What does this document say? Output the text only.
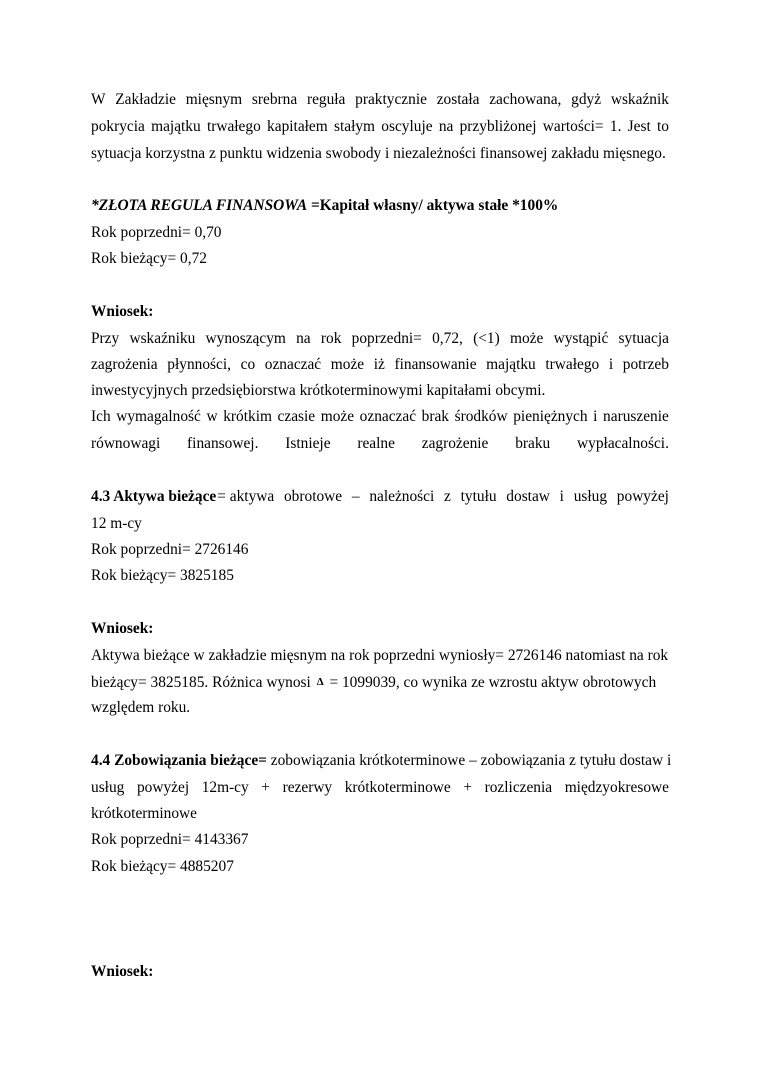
W Zakładzie mięsnym srebrna reguła praktycznie została zachowana, gdyż wskaźnik
pokrycia majątku trwałego kapitałem stałym oscyluje na przybliżonej wartości= 1. Jest to
sytuacja korzystna z punktu widzenia swobody i niezależności finansowej zakładu mięsnego.
*ZŁOTA REGULA FINANSOWA =Kapitał własny/ aktywa stałe *100%
Rok poprzedni= 0,70
Rok bieżący= 0,72
Wniosek:
Przy wskaźniku wynoszącym na rok poprzedni= 0,72, (<1) może wystąpić sytuacja
zagrożenia płynności, co oznaczać może iż finansowanie majątku trwałego i potrzeb
inwestycyjnych przedsiębiorstwa krótkoterminowymi kapitałami obcymi.
Ich wymagalność w krótkim czasie może oznaczać brak środków pieniężnych i naruszenie
równowagi finansowej. Istnieje realne zagrożenie braku wypłacalności.
4.3 Aktywa bieżące = aktywa obrotowe – należności z tytułu dostaw i usług powyżej
12 m-cy
Rok poprzedni= 2726146
Rok bieżący= 3825185
Wniosek:
Aktywa bieżące w zakładzie mięsnym na rok poprzedni wyniosły= 2726146 natomiast na rok
bieżący= 3825185. Różnica wynosi Δ = 1099039, co wynika ze wzrostu aktyw obrotowych
względem roku.
4.4 Zobowiązania bieżące= zobowiązania krótkoterminowe – zobowiązania z tytułu dostaw i
usług powyżej 12m-cy + rezerwy krótkoterminowe + rozliczenia międzyokresowe
krótkoterminowe
Rok poprzedni= 4143367
Rok bieżący= 4885207
Wniosek:
